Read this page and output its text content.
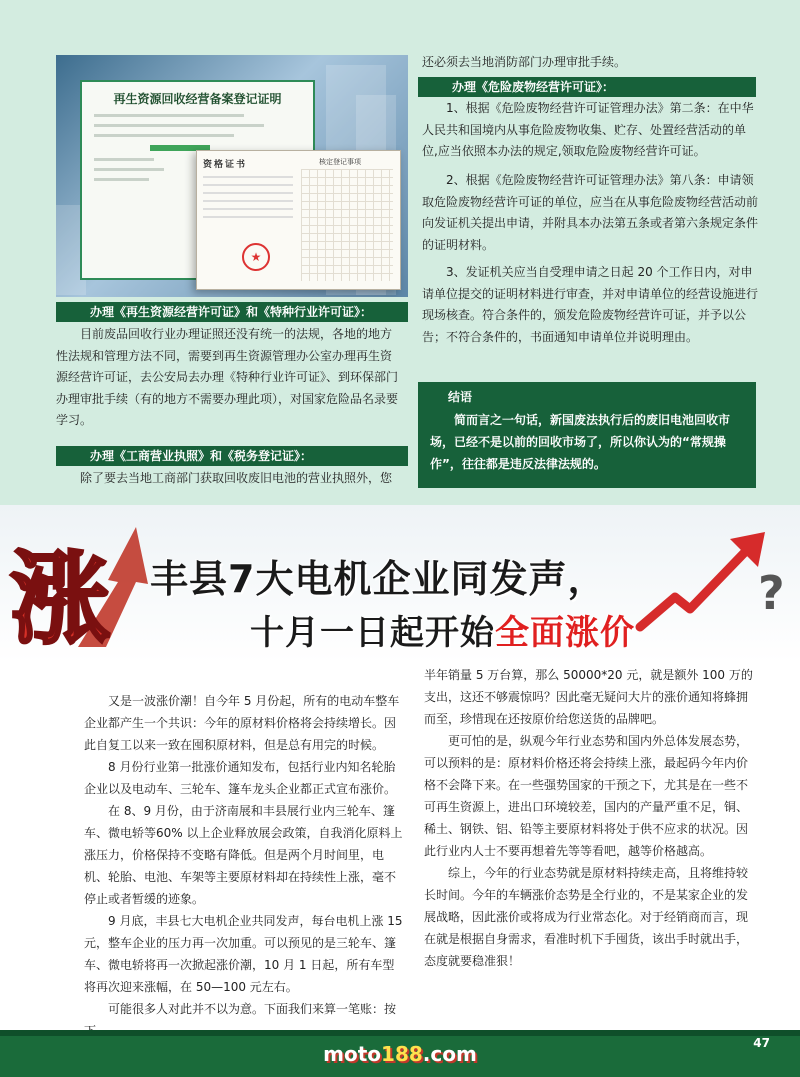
再生资源回收经营备案登记证明
资格证书	核定登记事项
★
办理《再生资源经营许可证》和《特种行业许可证》：

目前废品回收行业办理证照还没有统一的法规，各地的地方性法规和管理方法不同，需要到再生资源管理办公室办理再生资源经营许可证，去公安局去办理《特种行业许可证》、到环保部门办理审批手续（有的地方不需要办理此项），对国家危险品名录要学习。

办理《工商营业执照》和《税务登记证》：

除了要去当地工商部门获取回收废旧电池的营业执照外，您

还必须去当地消防部门办理审批手续。

办理《危险废物经营许可证》：

1、根据《危险废物经营许可证管理办法》第二条：在中华人民共和国境内从事危险废物收集、贮存、处置经营活动的单位,应当依照本办法的规定,领取危险废物经营许可证。

2、根据《危险废物经营许可证管理办法》第八条：申请领取危险废物经营许可证的单位，应当在从事危险废物经营活动前向发证机关提出申请，并附具本办法第五条或者第六条规定条件的证明材料。

3、发证机关应当自受理申请之日起 20 个工作日内，对申请单位提交的证明材料进行审查，并对申请单位的经营设施进行现场核查。符合条件的，颁发危险废物经营许可证，并予以公告；不符合条件的，书面通知申请单位并说明理由。

结语

简而言之一句话，新国废法执行后的废旧电池回收市场，已经不是以前的回收市场了，所以你认为的“常规操作”，往往都是违反法律法规的。

涨 丰县7大电机企业同发声，
十月一日起开始全面涨价
?

又是一波涨价潮！自今年 5 月份起，所有的电动车整车企业都产生一个共识：今年的原材料价格将会持续增长。因此自复工以来一致在囤积原材料，但是总有用完的时候。

8 月份行业第一批涨价通知发布，包括行业内知名轮胎企业以及电动车、三轮车、篷车龙头企业都正式宣布涨价。

在 8、9 月份，由于济南展和丰县展行业内三轮车、篷车、微电轿等60% 以上企业释放展会政策，自我消化原料上涨压力，价格保持不变略有降低。但是两个月时间里，电机、轮胎、电池、车架等主要原材料却在持续性上涨，毫不停止或者暂缓的迹象。

9 月底，丰县七大电机企业共同发声，每台电机上涨 15 元，整车企业的压力再一次加重。可以预见的是三轮车、篷车、微电轿将再一次掀起涨价潮，10 月 1 日起，所有车型将再次迎来涨幅，在 50—100 元左右。

可能很多人对此并不以为意。下面我们来算一笔账：按

半年销量 5 万台算，那么 50000*20 元，就是额外 100 万的支出，这还不够震惊吗？因此毫无疑问大片的涨价通知将蜂拥而至，珍惜现在还按原价给您送货的品牌吧。

更可怕的是，纵观今年行业态势和国内外总体发展态势，可以预料的是：原材料价格还将会持续上涨，最起码今年内价格不会降下来。在一些强势国家的干预之下，尤其是在一些不可再生资源上，进出口环境较差，国内的产量严重不足，铜、稀土、钢铁、铝、铅等主要原材料将处于供不应求的状况。因此行业内人士不要再想着先等等看吧，越等价格越高。

综上，今年的行业态势就是原材料持续走高，且将维持较长时间。今年的车辆涨价态势是全行业的，不是某家企业的发展战略，因此涨价或将成为行业常态化。对于经销商而言，现在就是根据自身需求，看准时机下手囤货，该出手时就出手，态度就要稳准狠！

moto188.com	47
